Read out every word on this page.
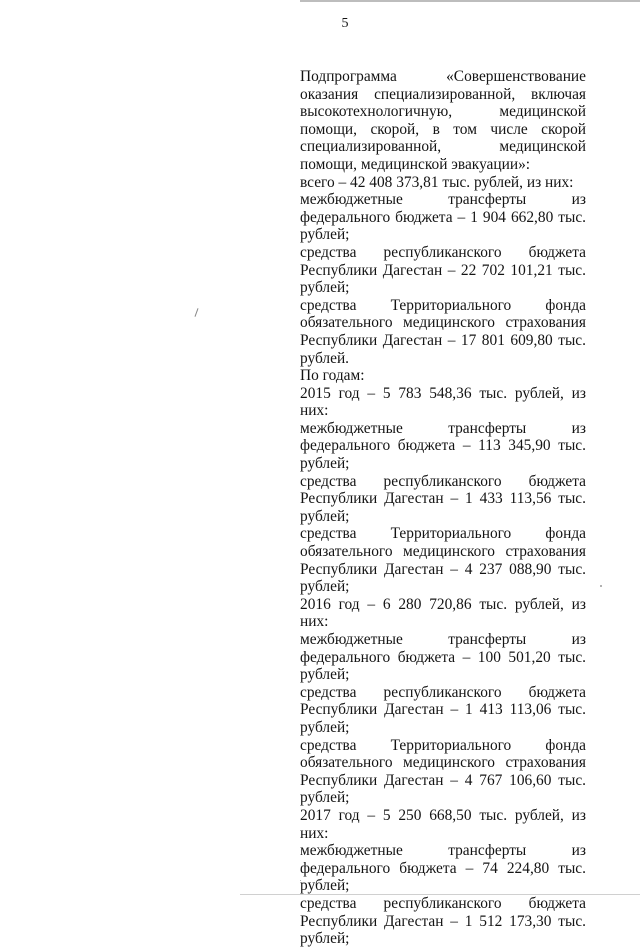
5

Подпрограмма «Совершенствование оказания специализированной, включая высокотехнологичную, медицинской помощи, скорой, в том числе скорой специализированной, медицинской помощи, медицинской эвакуации»:

всего – 42 408 373,81 тыс. рублей, из них:

межбюджетные трансферты из федерального бюджета – 1 904 662,80 тыс. рублей;

средства республиканского бюджета Республики Дагестан – 22 702 101,21 тыс. рублей;

средства Территориального фонда обязательного медицинского страхования Республики Дагестан – 17 801 609,80 тыс. рублей.

По годам:

2015 год – 5 783 548,36 тыс. рублей, из них:

межбюджетные трансферты из федерального бюджета – 113 345,90 тыс. рублей;

средства республиканского бюджета Республики Дагестан – 1 433 113,56 тыс. рублей;

средства Территориального фонда обязательного медицинского страхования Республики Дагестан – 4 237 088,90 тыс. рублей;

2016 год – 6 280 720,86 тыс. рублей, из них:

межбюджетные трансферты из федерального бюджета – 100 501,20 тыс. рублей;

средства республиканского бюджета Республики Дагестан – 1 413 113,06 тыс. рублей;

средства Территориального фонда обязательного медицинского страхования Республики Дагестан – 4 767 106,60 тыс. рублей;

2017 год – 5 250 668,50 тыс. рублей, из них:

межбюджетные трансферты из федерального бюджета – 74 224,80 тыс. рублей;

средства республиканского бюджета Республики Дагестан – 1 512 173,30 тыс. рублей;
